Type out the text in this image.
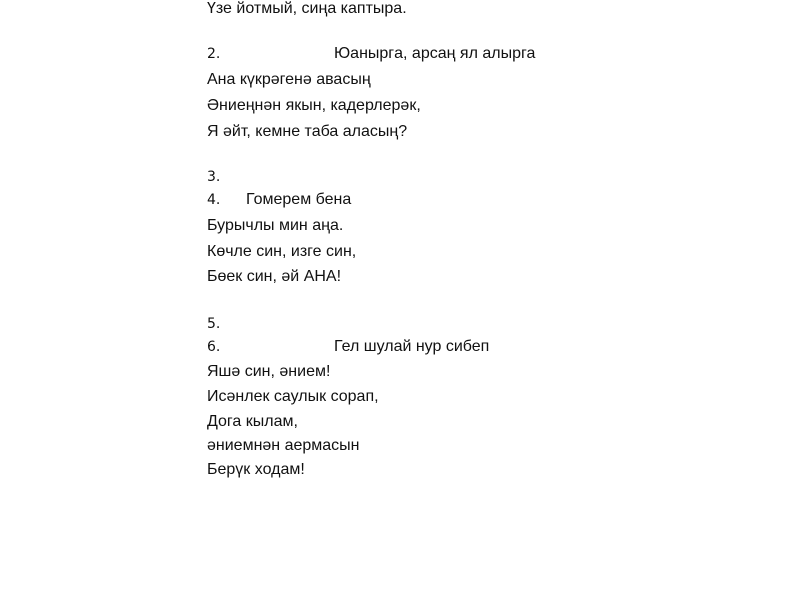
Үзе йотмый, сиңа каптыра.
2.	Юаныргa, арсаң ял алырга
Ана күкрәгенә авасың
Әниеңнән якын, кадерлерәк,
Я әйт, кемне таба аласың?
3.
4. Гомерем бена
Бурычлы мин аңа.
Көчле син, изге син,
Бөек син, әй АНА!
5.
6.	Гел шулай нур сибеп
Яшә син, әнием!
Исәнлек саулык сорап,
Дога кылам,
әниемнән аермасын
Берүк ходам!
